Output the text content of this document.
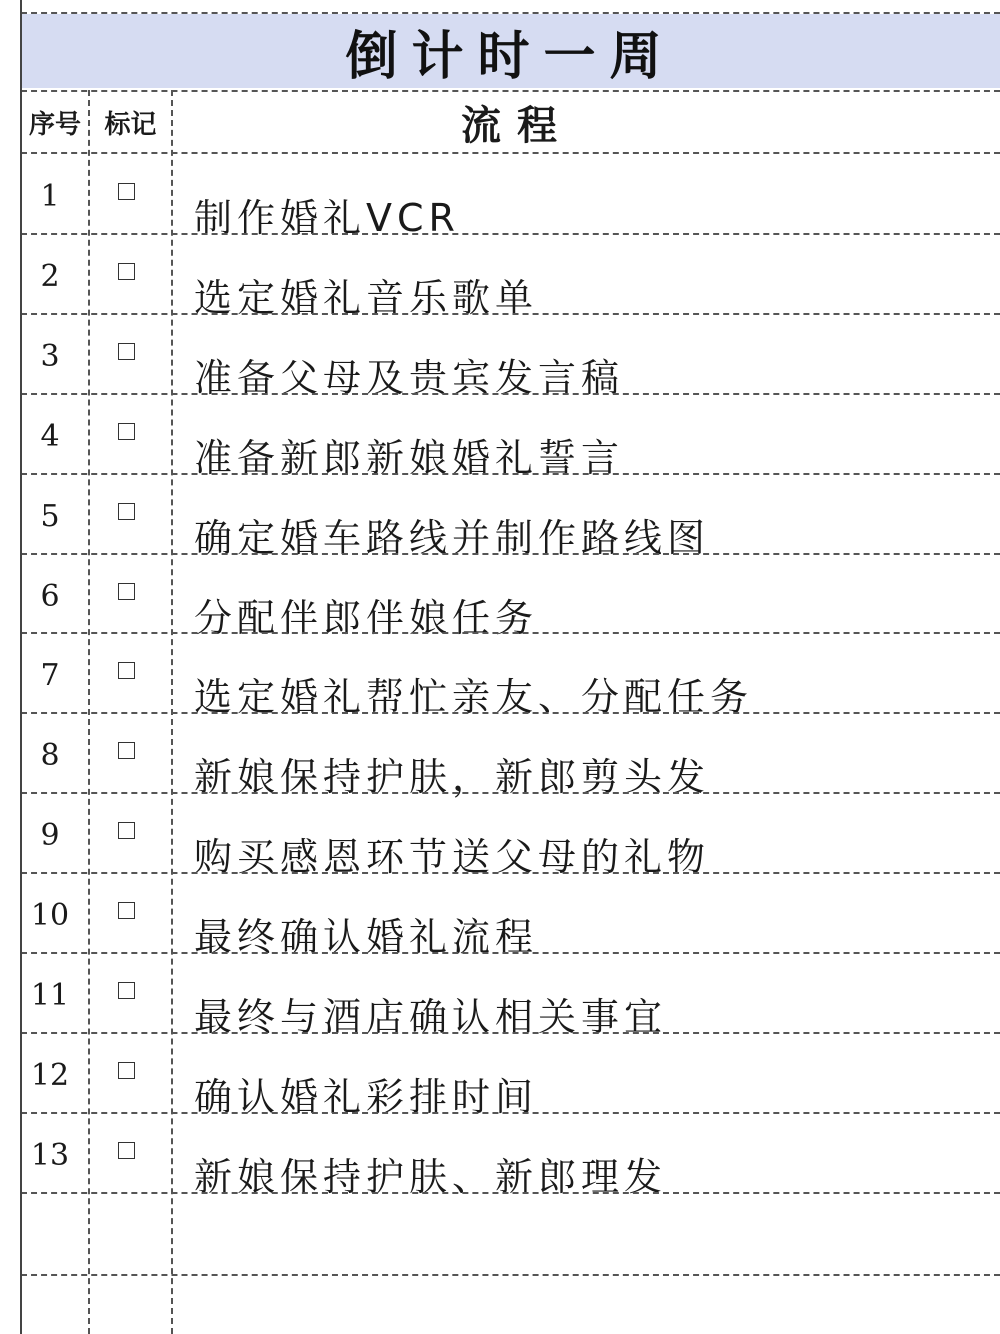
倒计时一周
序号 标记	流程
1	制作婚礼VCR
2	选定婚礼音乐歌单
3	准备父母及贵宾发言稿
4	准备新郎新娘婚礼誓言
5	确定婚车路线并制作路线图
6	分配伴郎伴娘任务
7	选定婚礼帮忙亲友、分配任务
8	新娘保持护肤，新郎剪头发
9	购买感恩环节送父母的礼物
10	最终确认婚礼流程
11	最终与酒店确认相关事宜
12	确认婚礼彩排时间
13	新娘保持护肤、新郎理发
